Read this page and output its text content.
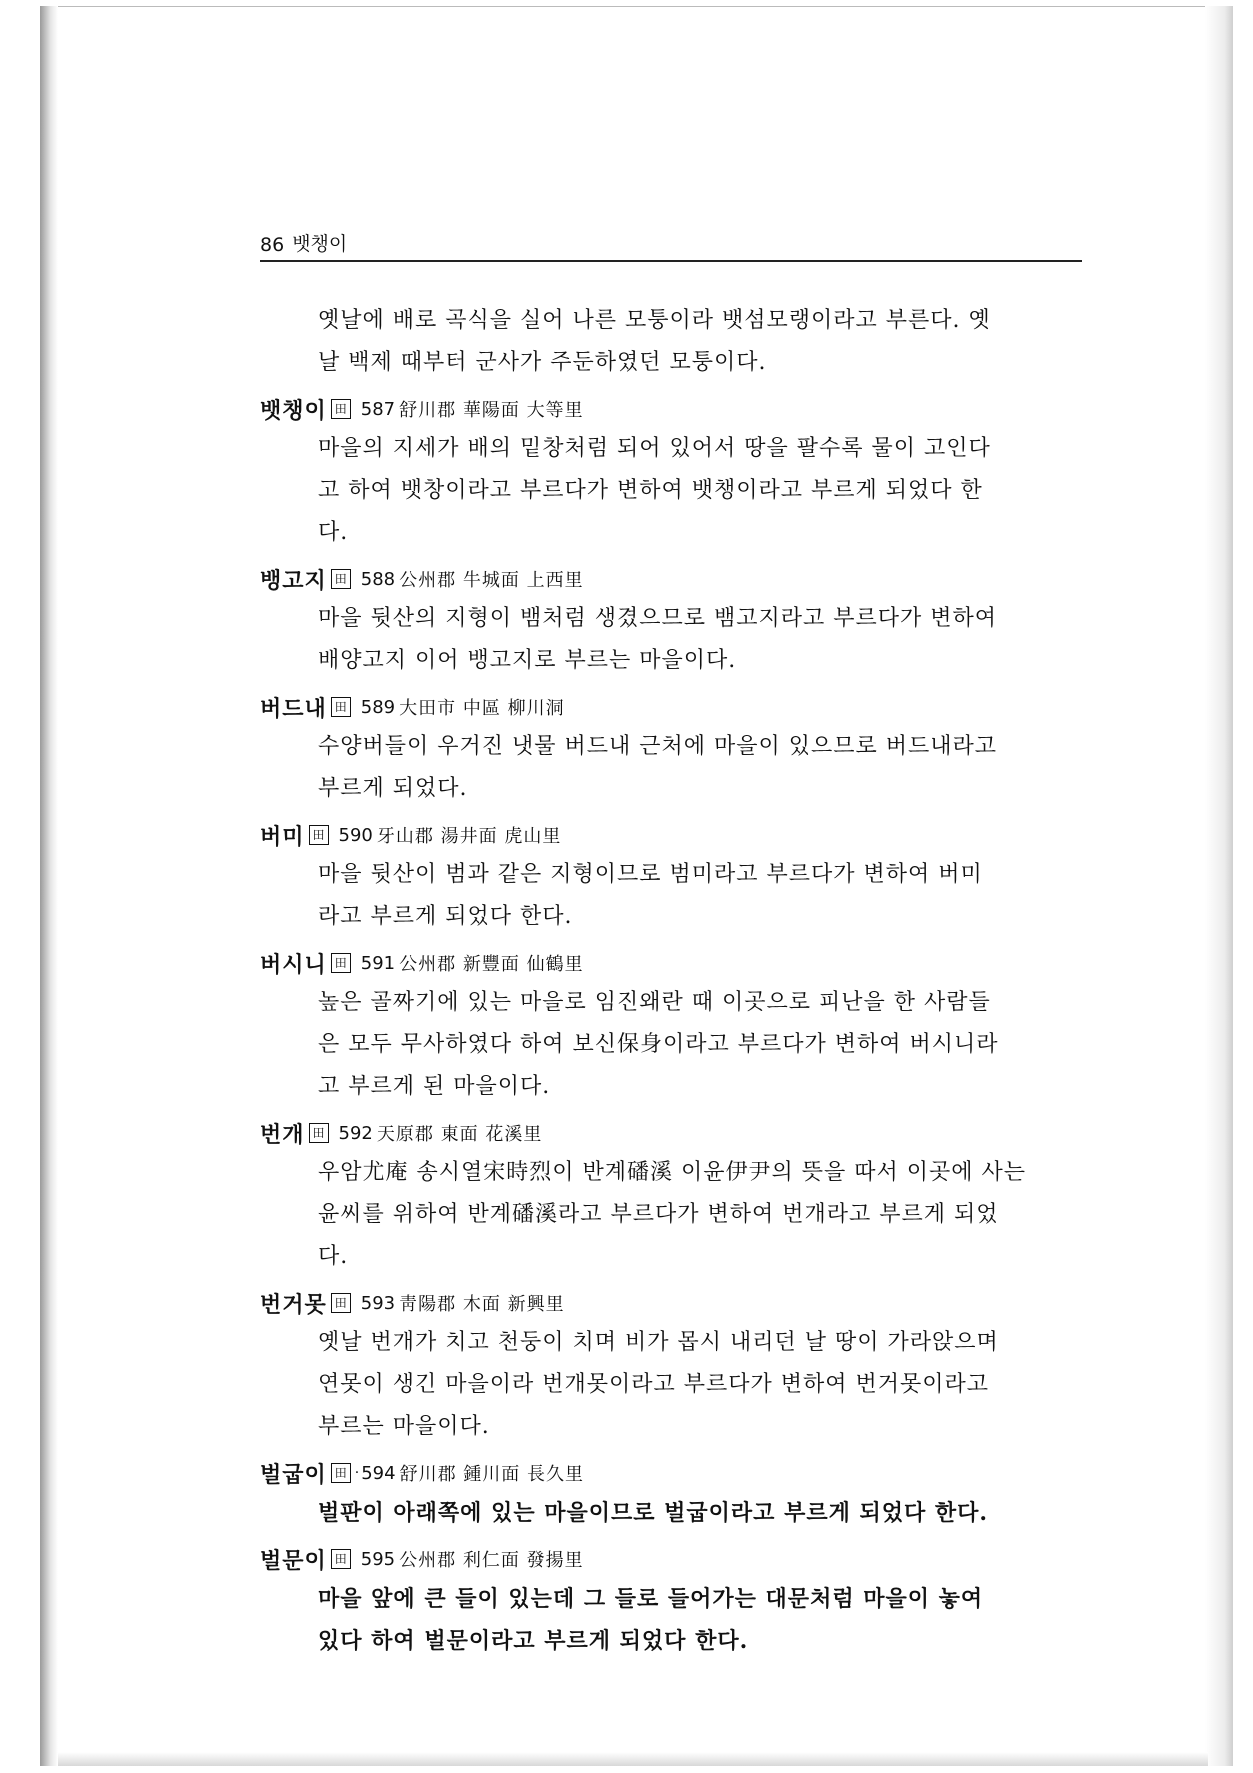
86 뱃챙이

옛날에 배로 곡식을 실어 나른 모퉁이라 뱃섬모랭이라고 부른다. 옛

날 백제 때부터 군사가 주둔하였던 모퉁이다.

뱃챙이 田 587 舒川郡 華陽面 大等里

마을의 지세가 배의 밑창처럼 되어 있어서 땅을 팔수록 물이 고인다

고 하여 뱃창이라고 부르다가 변하여 뱃챙이라고 부르게 되었다 한

다.

뱅고지 田 588 公州郡 牛城面 上西里

마을 뒷산의 지형이 뱀처럼 생겼으므로 뱀고지라고 부르다가 변하여

배양고지 이어 뱅고지로 부르는 마을이다.

버드내 田 589 大田市 中區 柳川洞

수양버들이 우거진 냇물 버드내 근처에 마을이 있으므로 버드내라고

부르게 되었다.

버미 田 590 牙山郡 湯井面 虎山里

마을 뒷산이 범과 같은 지형이므로 범미라고 부르다가 변하여 버미

라고 부르게 되었다 한다.

버시니 田 591 公州郡 新豐面 仙鶴里

높은 골짜기에 있는 마을로 임진왜란 때 이곳으로 피난을 한 사람들

은 모두 무사하였다 하여 보신保身이라고 부르다가 변하여 버시니라

고 부르게 된 마을이다.

번개 田 592 天原郡 東面 花溪里

우암尤庵 송시열宋時烈이 반계磻溪 이윤伊尹의 뜻을 따서 이곳에 사는

윤씨를 위하여 반계磻溪라고 부르다가 변하여 번개라고 부르게 되었

다.

번거못 田 593 靑陽郡 木面 新興里

옛날 번개가 치고 천둥이 치며 비가 몹시 내리던 날 땅이 가라앉으며

연못이 생긴 마을이라 번개못이라고 부르다가 변하여 번거못이라고

부르는 마을이다.

벌굽이 田 · 594 舒川郡 鍾川面 長久里

벌판이 아래쪽에 있는 마을이므로 벌굽이라고 부르게 되었다 한다.

벌문이 田 595 公州郡 利仁面 發揚里

마을 앞에 큰 들이 있는데 그 들로 들어가는 대문처럼 마을이 놓여

있다 하여 벌문이라고 부르게 되었다 한다.
